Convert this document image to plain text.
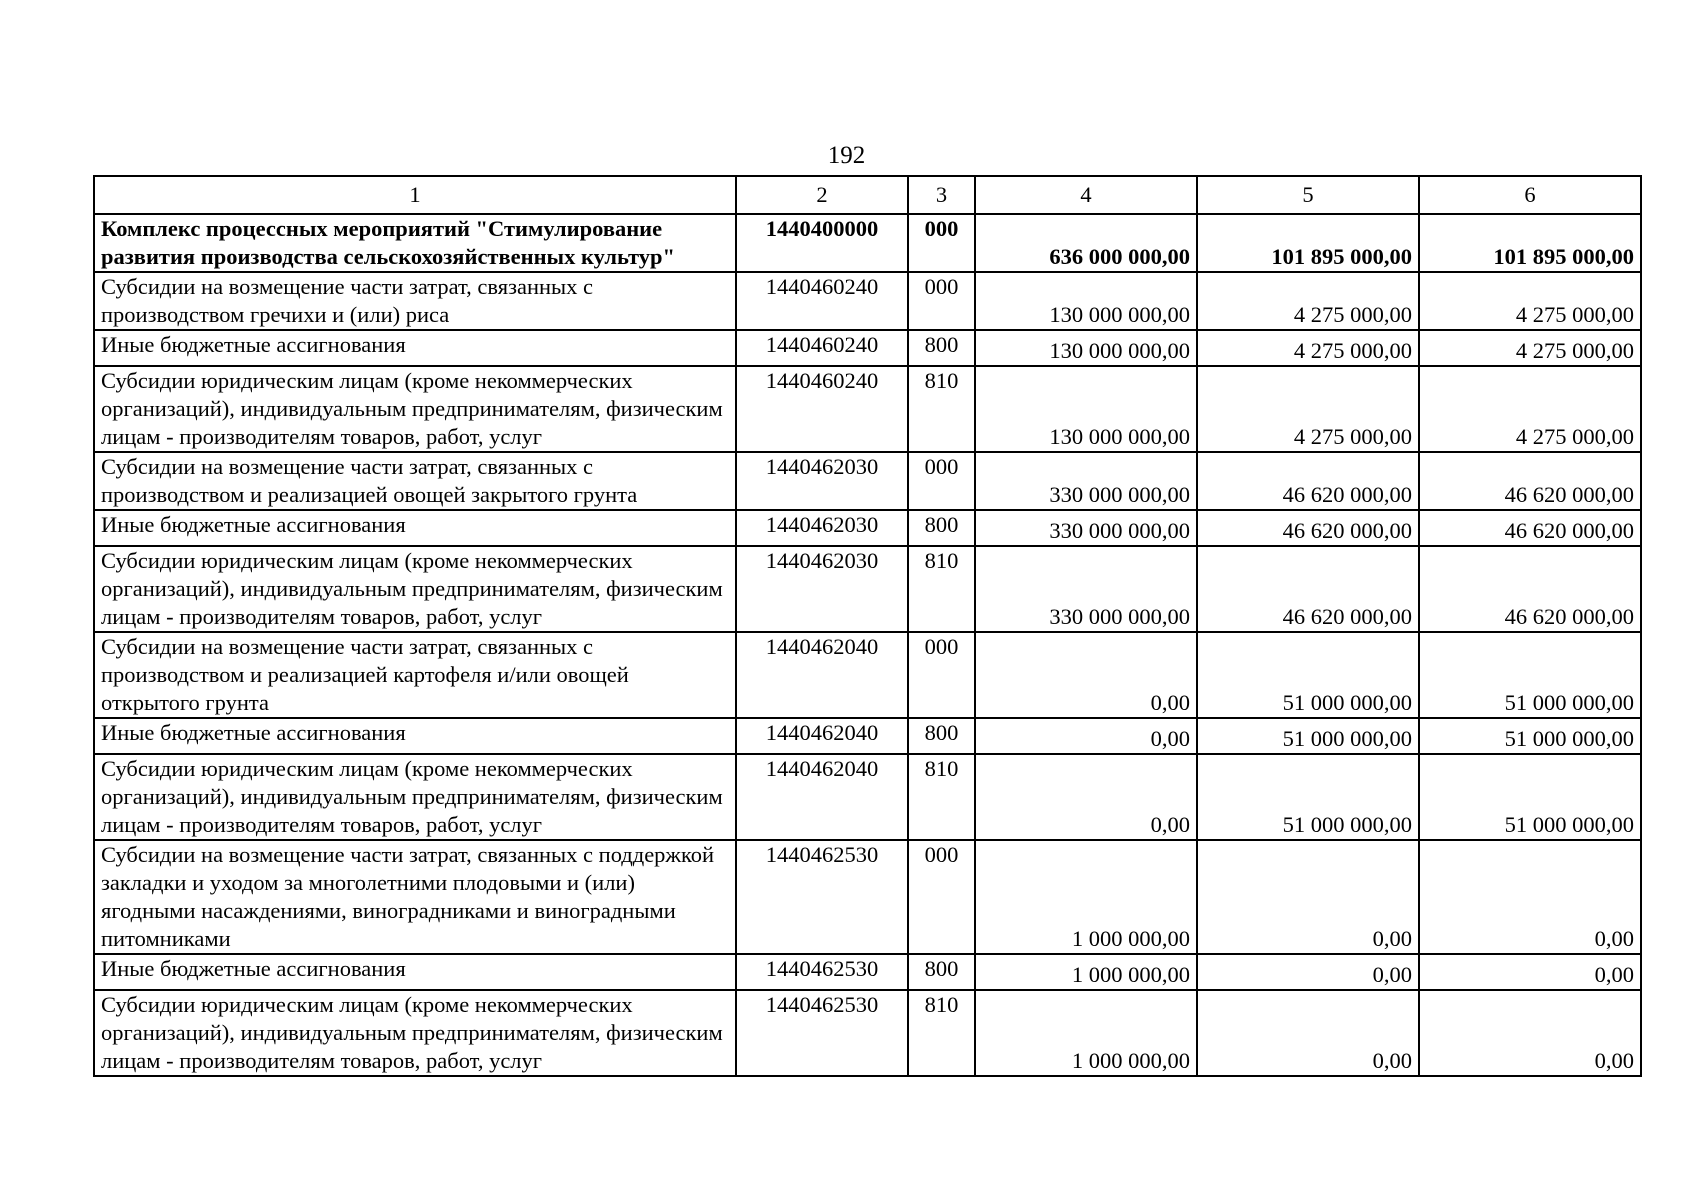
192
1	2	3	4	5	6
Комплекс процессных мероприятий "Стимулирование развития производства сельскохозяйственных культур"	1440400000	000	636 000 000,00	101 895 000,00	101 895 000,00
Субсидии на возмещение части затрат, связанных с производством гречихи и (или) риса	1440460240	000	130 000 000,00	4 275 000,00	4 275 000,00
Иные бюджетные ассигнования	1440460240	800	130 000 000,00	4 275 000,00	4 275 000,00
Субсидии юридическим лицам (кроме некоммерческих организаций), индивидуальным предпринимателям, физическим лицам - производителям товаров, работ, услуг	1440460240	810	130 000 000,00	4 275 000,00	4 275 000,00
Субсидии на возмещение части затрат, связанных с производством и реализацией овощей закрытого грунта	1440462030	000	330 000 000,00	46 620 000,00	46 620 000,00
Иные бюджетные ассигнования	1440462030	800	330 000 000,00	46 620 000,00	46 620 000,00
Субсидии юридическим лицам (кроме некоммерческих организаций), индивидуальным предпринимателям, физическим лицам - производителям товаров, работ, услуг	1440462030	810	330 000 000,00	46 620 000,00	46 620 000,00
Субсидии на возмещение части затрат, связанных с производством и реализацией картофеля и/или овощей открытого грунта	1440462040	000	0,00	51 000 000,00	51 000 000,00
Иные бюджетные ассигнования	1440462040	800	0,00	51 000 000,00	51 000 000,00
Субсидии юридическим лицам (кроме некоммерческих организаций), индивидуальным предпринимателям, физическим лицам - производителям товаров, работ, услуг	1440462040	810	0,00	51 000 000,00	51 000 000,00
Субсидии на возмещение части затрат, связанных с поддержкой закладки и уходом за многолетними плодовыми и (или) ягодными насаждениями, виноградниками и виноградными питомниками	1440462530	000	1 000 000,00	0,00	0,00
Иные бюджетные ассигнования	1440462530	800	1 000 000,00	0,00	0,00
Субсидии юридическим лицам (кроме некоммерческих организаций), индивидуальным предпринимателям, физическим лицам - производителям товаров, работ, услуг	1440462530	810	1 000 000,00	0,00	0,00
